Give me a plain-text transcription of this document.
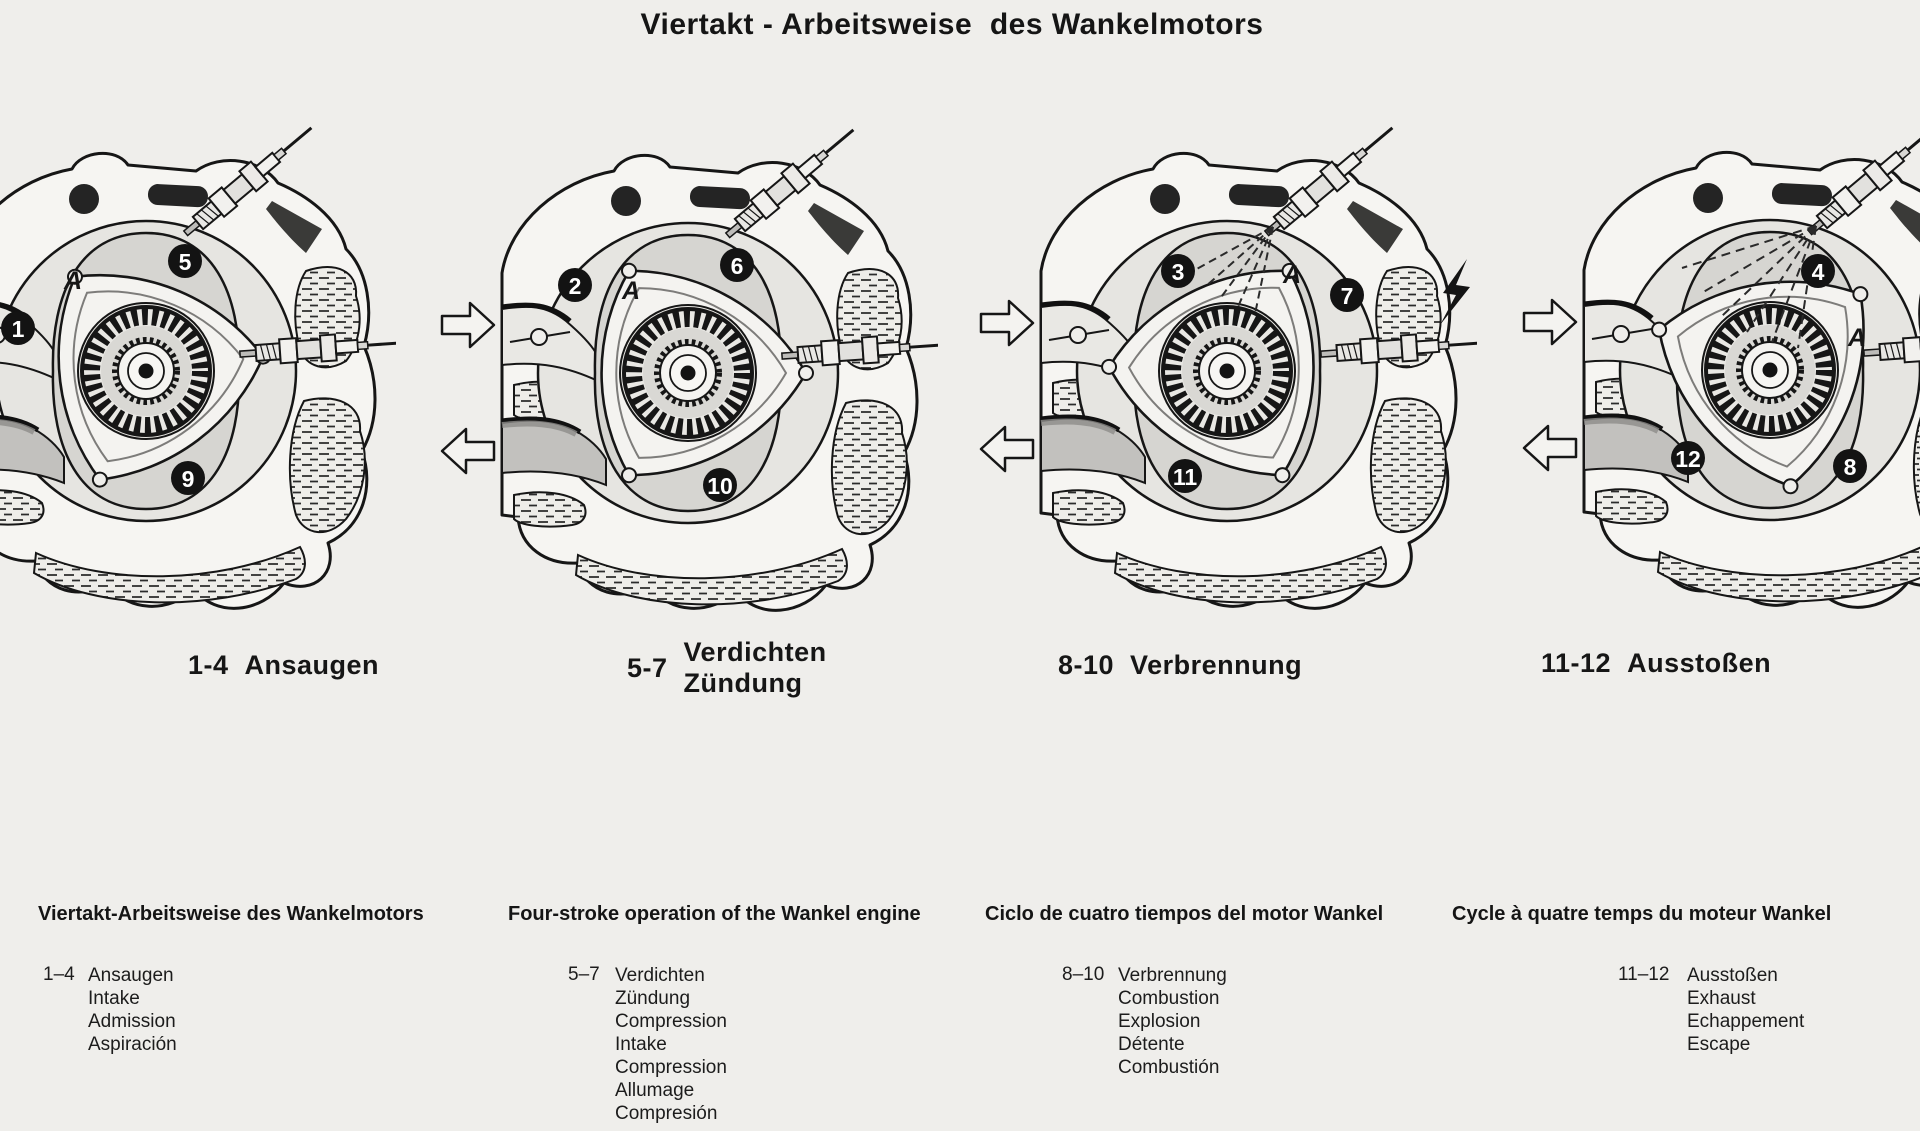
Viertakt - Arbeitsweise  des Wankelmotors
A
1
5
9
A
2
6
10
A
3
7
11
A
4
12	8
1-4 Ansaugen	5-7
Verdichten
Zündung
8-10 Verbrennung	11-12 Ausstoßen
Viertakt-Arbeitsweise des Wankelmotors
1–4 Ansaugen
Intake
Admission
Aspiración
Four-stroke operation of the Wankel engine
5–7 Verdichten
Zündung
Compression
Intake
Compression
Allumage
Compresión
Ciclo de cuatro tiempos del motor Wankel
8–10 Verbrennung
Combustion
Explosion
Détente
Combustión
Cycle à quatre temps du moteur Wankel
11–12 Ausstoßen
Exhaust
Echappement
Escape
